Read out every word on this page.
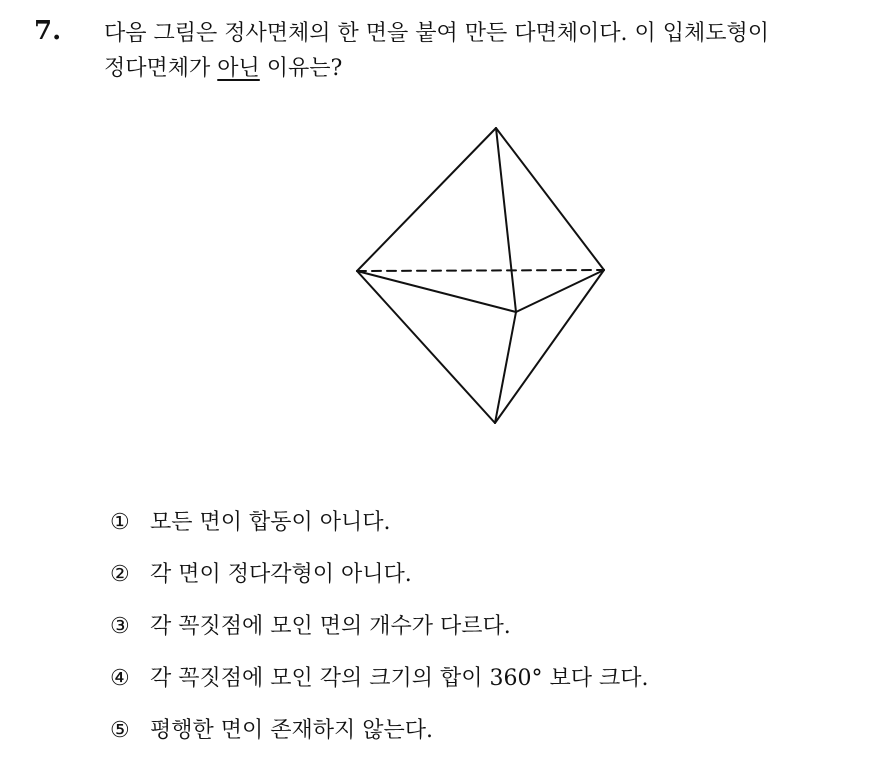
7. 다음 그림은 정사면체의 한 면을 붙여 만든 다면체이다. 이 입체도형이
정다면체가 아닌 이유는?
① 모든 면이 합동이 아니다.
② 각 면이 정다각형이 아니다.
③ 각 꼭짓점에 모인 면의 개수가 다르다.
④ 각 꼭짓점에 모인 각의 크기의 합이 360° 보다 크다.
⑤ 평행한 면이 존재하지 않는다.
